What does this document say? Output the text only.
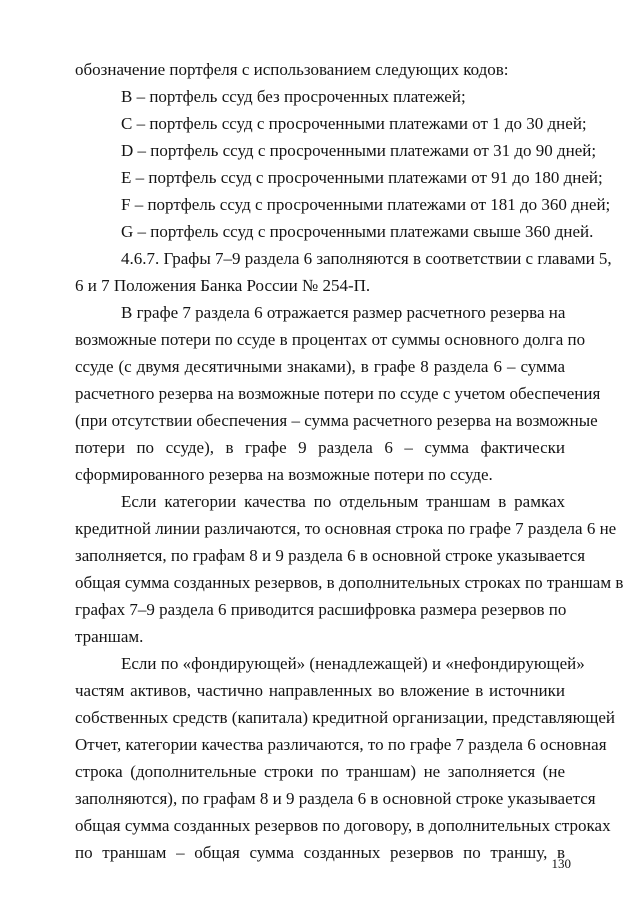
обозначение портфеля с использованием следующих кодов:
B – портфель ссуд без просроченных платежей;
C – портфель ссуд с просроченными платежами от 1 до 30 дней;
D – портфель ссуд с просроченными платежами от 31 до 90 дней;
E – портфель ссуд с просроченными платежами от 91 до 180 дней;
F – портфель ссуд с просроченными платежами от 181 до 360 дней;
G – портфель ссуд с просроченными платежами свыше 360 дней.
4.6.7. Графы 7–9 раздела 6 заполняются в соответствии с главами 5,
6 и 7 Положения Банка России № 254-П.
В графе 7 раздела 6 отражается размер расчетного резерва на
возможные потери по ссуде в процентах от суммы основного долга по
ссуде (с двумя десятичными знаками), в графе 8 раздела 6 – сумма
расчетного резерва на возможные потери по ссуде с учетом обеспечения
(при отсутствии обеспечения – сумма расчетного резерва на возможные
потери по ссуде), в графе 9 раздела 6 – сумма фактически
сформированного резерва на возможные потери по ссуде.
Если категории качества по отдельным траншам в рамках
кредитной линии различаются, то основная строка по графе 7 раздела 6 не
заполняется, по графам 8 и 9 раздела 6 в основной строке указывается
общая сумма созданных резервов, в дополнительных строках по траншам в
графах 7–9 раздела 6 приводится расшифровка размера резервов по
траншам.
Если по «фондирующей» (ненадлежащей) и «нефондирующей»
частям активов, частично направленных во вложение в источники
собственных средств (капитала) кредитной организации, представляющей
Отчет, категории качества различаются, то по графе 7 раздела 6 основная
строка (дополнительные строки по траншам) не заполняется (не
заполняются), по графам 8 и 9 раздела 6 в основной строке указывается
общая сумма созданных резервов по договору, в дополнительных строках
по траншам – общая сумма созданных резервов по траншу, в
130
